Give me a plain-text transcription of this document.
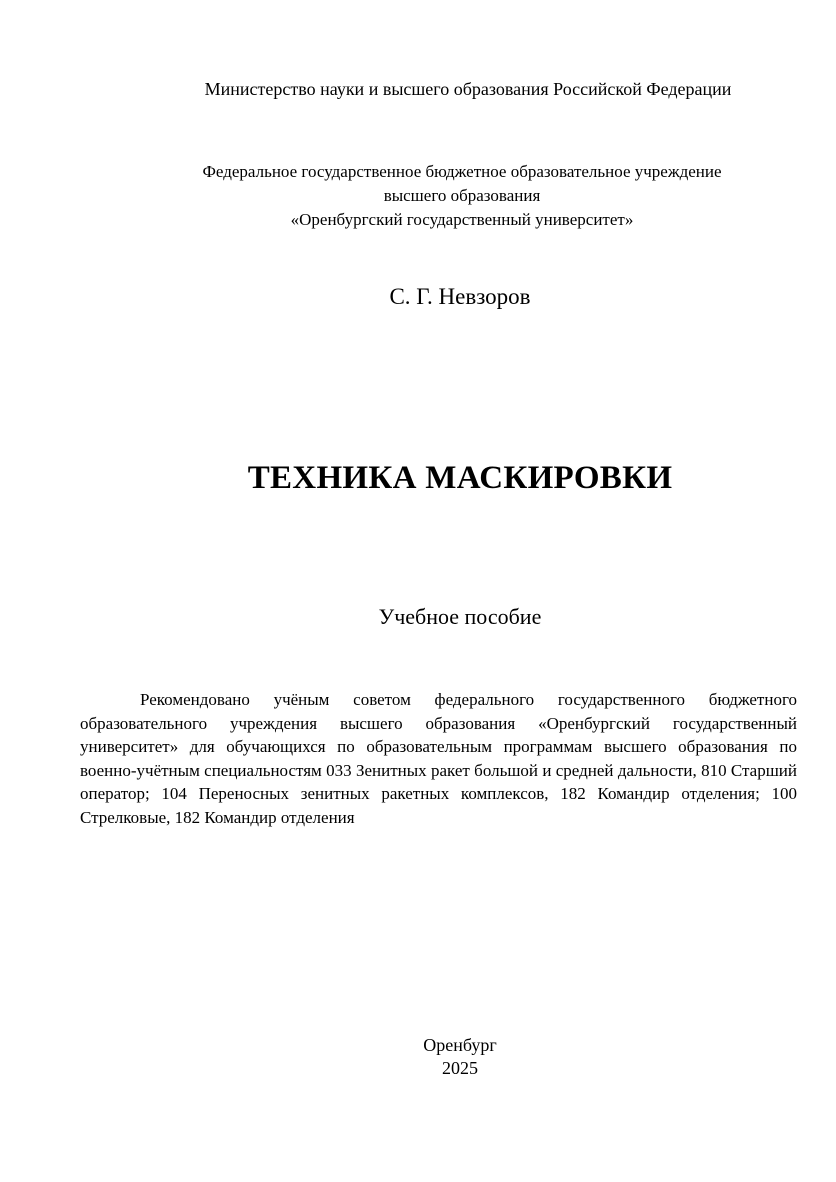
Министерство науки и высшего образования Российской Федерации
Федеральное государственное бюджетное образовательное учреждение
высшего образования
«Оренбургский государственный университет»
С. Г. Невзоров
ТЕХНИКА МАСКИРОВКИ
Учебное пособие

Рекомендовано учёным советом федерального государственного бюджетного образовательного учреждения высшего образования «Оренбургский государственный университет» для обучающихся по образовательным программам высшего образования по военно-учётным специальностям 033 Зенитных ракет большой и средней дальности, 810 Старший оператор; 104 Переносных зенитных ракетных комплексов, 182 Командир отделения; 100 Стрелковые, 182 Командир отделения

Оренбург
2025
